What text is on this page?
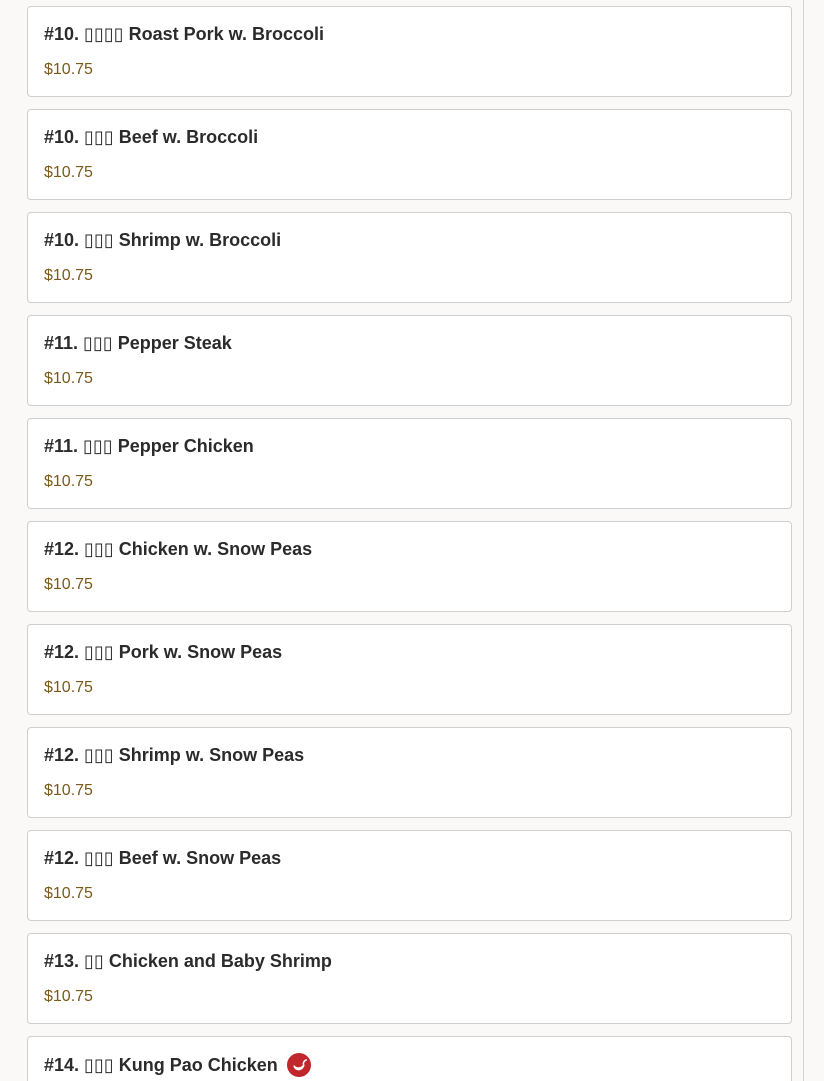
#10. ▯▯▯▯ Roast Pork w. Broccoli
$10.75
#10. ▯▯▯ Beef w. Broccoli
$10.75
#10. ▯▯▯ Shrimp w. Broccoli
$10.75
#11. ▯▯▯ Pepper Steak
$10.75
#11. ▯▯▯ Pepper Chicken
$10.75
#12. ▯▯▯ Chicken w. Snow Peas
$10.75
#12. ▯▯▯ Pork w. Snow Peas
$10.75
#12. ▯▯▯ Shrimp w. Snow Peas
$10.75
#12. ▯▯▯ Beef w. Snow Peas
$10.75
#13. ▯▯ Chicken and Baby Shrimp
$10.75
#14. ▯▯▯ Kung Pao Chicken
